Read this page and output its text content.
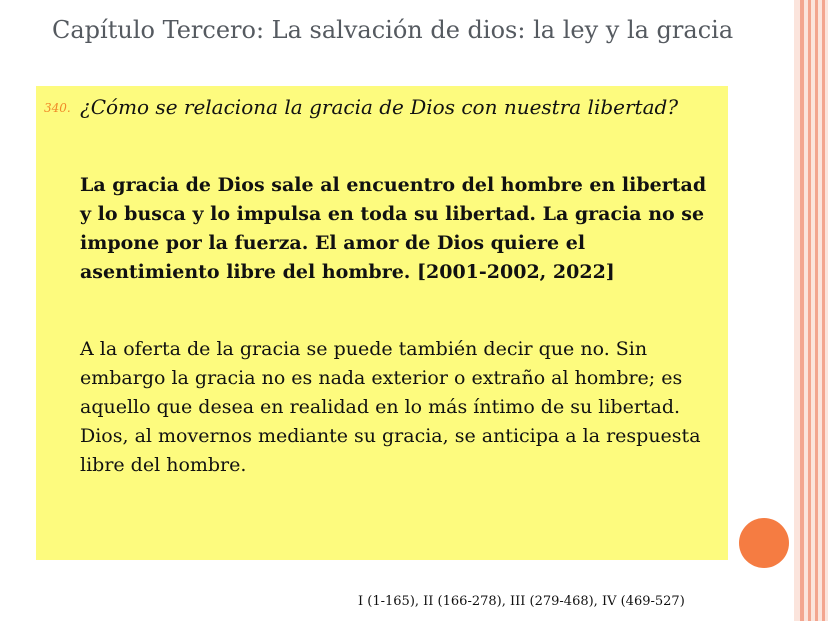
Capítulo Tercero: La salvación de dios: la ley y la gracia
340. ¿Cómo se relaciona la gracia de Dios con nuestra libertad?

La gracia de Dios sale al encuentro del hombre en libertad y lo busca y lo impulsa en toda su libertad. La gracia no se impone por la fuerza. El amor de Dios quiere el asentimiento libre del hombre. [2001-2002, 2022]

A la oferta de la gracia se puede también decir que no. Sin embargo la gracia no es nada exterior o extraño al hombre; es aquello que desea en realidad en lo más íntimo de su libertad. Dios, al movernos mediante su gracia, se anticipa a la respuesta libre del hombre.

I (1-165), II (166-278), III (279-468), IV (469-527)
